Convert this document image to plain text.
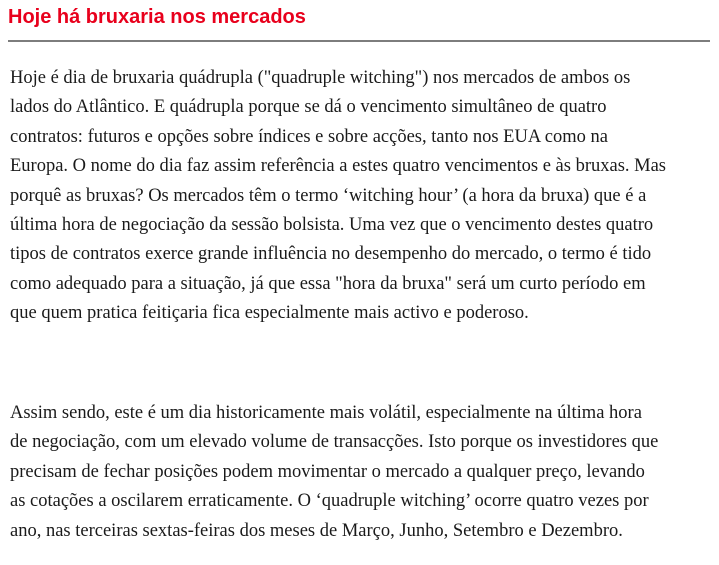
Hoje há bruxaria nos mercados

Hoje é dia de bruxaria quádrupla ("quadruple witching") nos mercados de ambos os
lados do Atlântico. E quádrupla porque se dá o vencimento simultâneo de quatro
contratos: futuros e opções sobre índices e sobre acções, tanto nos EUA como na
Europa. O nome do dia faz assim referência a estes quatro vencimentos e às bruxas. Mas
porquê as bruxas? Os mercados têm o termo ‘witching hour’ (a hora da bruxa) que é a
última hora de negociação da sessão bolsista. Uma vez que o vencimento destes quatro
tipos de contratos exerce grande influência no desempenho do mercado, o termo é tido
como adequado para a situação, já que essa "hora da bruxa" será um curto período em
que quem pratica feitiçaria fica especialmente mais activo e poderoso.

Assim sendo, este é um dia historicamente mais volátil, especialmente na última hora
de negociação, com um elevado volume de transacções. Isto porque os investidores que
precisam de fechar posições podem movimentar o mercado a qualquer preço, levando
as cotações a oscilarem erraticamente. O ‘quadruple witching’ ocorre quatro vezes por
ano, nas terceiras sextas-feiras dos meses de Março, Junho, Setembro e Dezembro.
